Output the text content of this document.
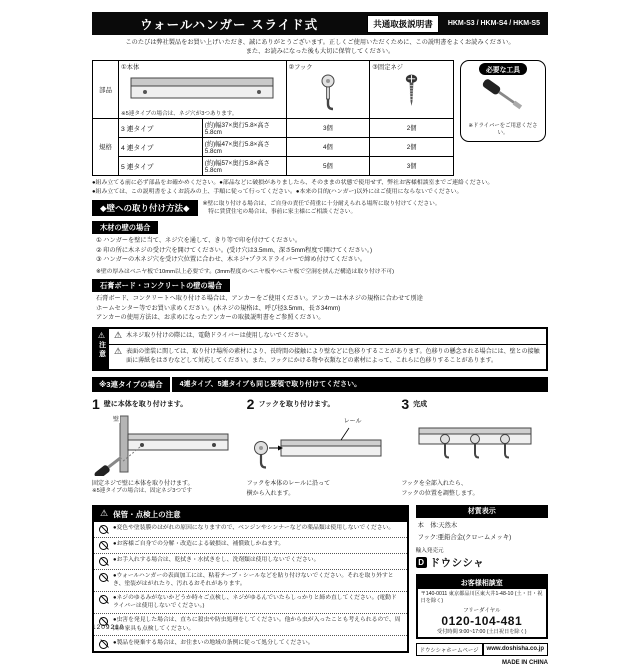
ウォールハンガー スライド式	共通取扱説明書	HKM-S3 / HKM-S4 / HKM-S5
このたびは弊社製品をお買い上げいただき、誠にありがとうございます。正しくご使用いただくために、この説明書をよくお読みください。
また、お読みになった後も大切に保管してください。
部品	①本体
※5連タイプの場合は、ネジ穴が3つあります。		②フック	③固定ネジ

規格	3 連タイプ	(約)幅37×奥行5.8×高さ5.8cm	3個	2個
	4 連タイプ	(約)幅47×奥行5.8×高さ5.8cm	4個	2個
	5 連タイプ	(約)幅57×奥行5.8×高さ5.8cm	5個	3個
必要な工具
※ドライバーをご用意ください。
●組み立てる前に必ず部品をお確かめください。●部品などに破損がありましたら、そのままの状態で使用せず、弊社お客様相談室までご連絡ください。
●組み立ては、この説明書をよくお読みの上、手順に従って行ってください。●本来の目的(ハンガー)以外にはご使用にならないでください。
◆壁への取り付け方法◆	※壁に取り付ける場合は、ご自身の責任で荷重に十分耐えられる場所に取り付けてください。
　特に賃貸住宅の場合は、事前に家主様にご相談ください。
木材の壁の場合
① ハンガーを壁に当て、ネジ穴を通して、きり等で印を付けてください。
② 印の所に木ネジの受け穴を開けてください。(受け穴は3.5mm、深さ5mm程度で開けてください。)
③ ハンガーの木ネジ穴を受け穴位置に合わせ、木ネジ+プラスドライバーで締め付けてください。
※壁の厚みはベニヤ板で10mm以上必要です。(3mm程度のベニヤ板やベニヤ板で空洞を挟んだ構造は取り付け不可)
石膏ボード・コンクリートの壁の場合
石膏ボード、コンクリートへ取り付ける場合は、アンカーをご使用ください。アンカーは木ネジの規格に合わせて別途
ホームセンター等でお買い求めください。(木ネジの規格は、呼び径3.5mm、長さ34mm)
アンカーの使用方法は、お求めになったアンカーの取扱説明書をご参照ください。
⚠
注意
⚠ 木ネジ取り付けの際には、電動ドライバーは使用しないでください。
⚠ 表面の塗装に関しては、取り付け場所の素材により、長時間の接触により壁などに色移りすることがあります。色移りの懸念される場合には、壁との接触面に薄紙をはさむなどして対応してください。また、フックにかける物や衣類などの素材によって、これらに色移りすることがあります。
※3連タイプの場合	4連タイプ、5連タイプも同じ要領で取り付けてください。
1 壁に本体を取り付けます。
壁
固定ネジで壁に本体を取り付けます。
※5連タイプの場合は、固定ネジ3つです
2 フックを取り付けます。
レール
フックを本体のレールに沿って
横から入れます。
3 完成
フックを全部入れたら、
フックの位置を調整します。
⚠ 保管・点検上の注意
●変色や塗装膜のはがれの原因になりますので、ベンジンやシンナーなどの薬品類は使用しないでください。
●お客様ご自身での分解・改造による破損は、補償致しかねます。
●お手入れする場合は、乾拭き・水拭きをし、洗剤類は使用しないでください。
●ウォールハンガーの表面加工には、粘着テープ・シールなどを貼り付けないでください。それを取り外すとき、塗装がはがれたり、汚れるおそれがあります。
●ネジのゆるみがないかどうか時々ご点検し、ネジがゆるんでいたらしっかりと締め直してください。(電動ドライバーは使用しないでください。)
●虫害を発見した場合は、直ちに殺虫や防虫処理をしてください。他から虫が入ったことも考えられるので、周囲の家具も点検してください。
●製品を廃棄する場合は、お住まいの地域の条例に従って処分してください。
材質表示
本　体:天然木
フック:亜鉛合金(クロームメッキ)
輸入発売元
D ドウシシャ
お客様相談室
〒140-0011 東京都品川区東大井1-48-10 (土・日・祝日を除く)
フリーダイヤル
0120-104-481
受付時間 9:00~17:00 (土日祝日を除く)
ドウシシャホームページ	www.doshisha.co.jp
MADE IN CHINA
1209210
